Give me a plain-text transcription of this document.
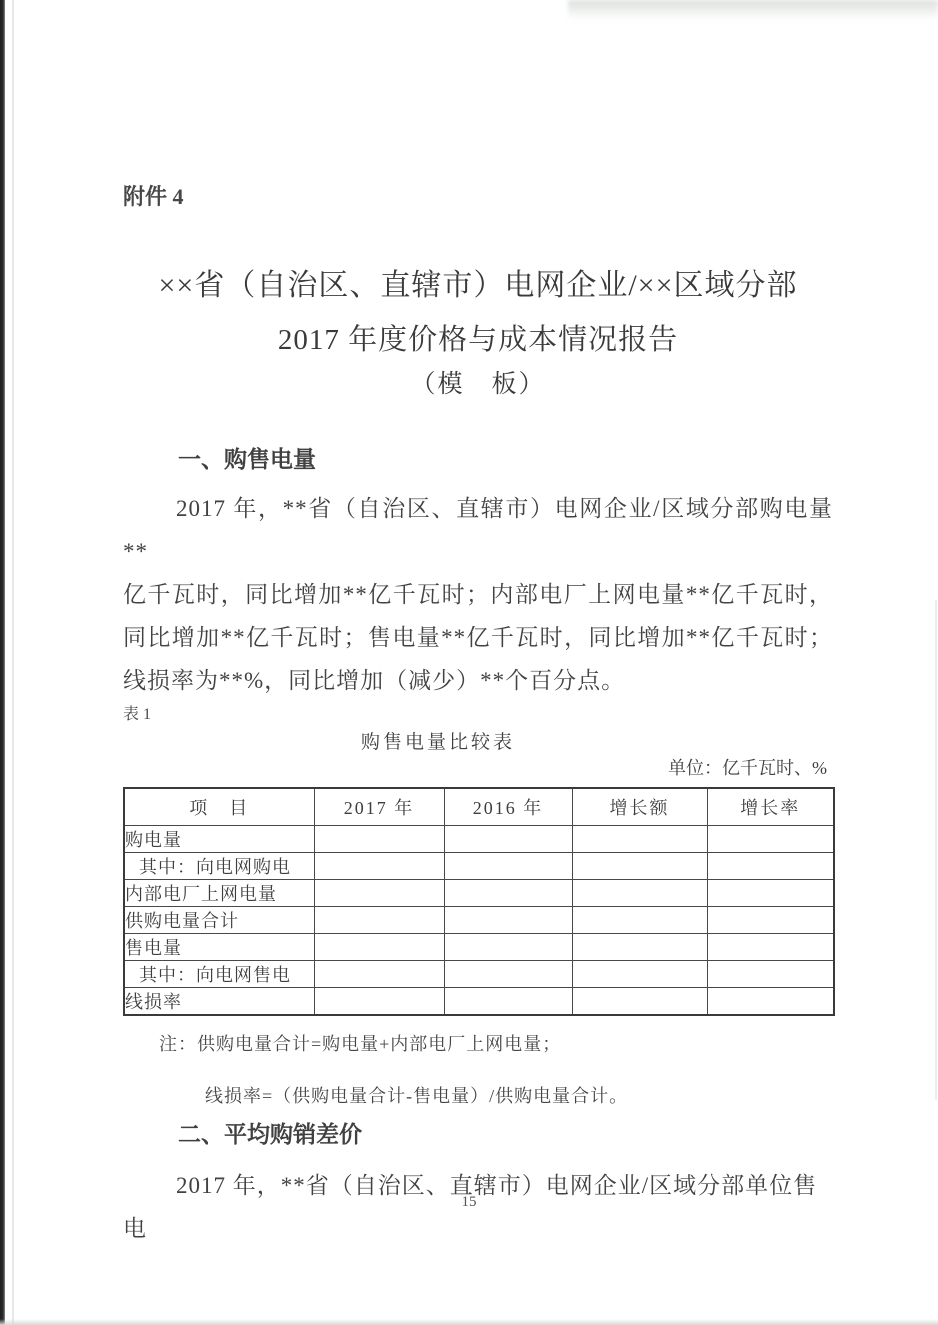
附件 4
××省（自治区、直辖市）电网企业/××区域分部
2017 年度价格与成本情况报告
（模　板）
一、购售电量
2017 年，**省（自治区、直辖市）电网企业/区域分部购电量**
亿千瓦时，同比增加**亿千瓦时；内部电厂上网电量**亿千瓦时，
同比增加**亿千瓦时；售电量**亿千瓦时，同比增加**亿千瓦时；
线损率为**%，同比增加（减少）**个百分点。
表 1
购售电量比较表
单位：亿千瓦时、%
项　目	2017 年	2016 年	增长额	增长率
购电量				
其中：向电网购电				
内部电厂上网电量				
供购电量合计				
售电量				
其中：向电网售电				
线损率				
注：供购电量合计=购电量+内部电厂上网电量；
线损率=（供购电量合计-售电量）/供购电量合计。
二、平均购销差价
2017 年，**省（自治区、直辖市）电网企业/区域分部单位售电
15
